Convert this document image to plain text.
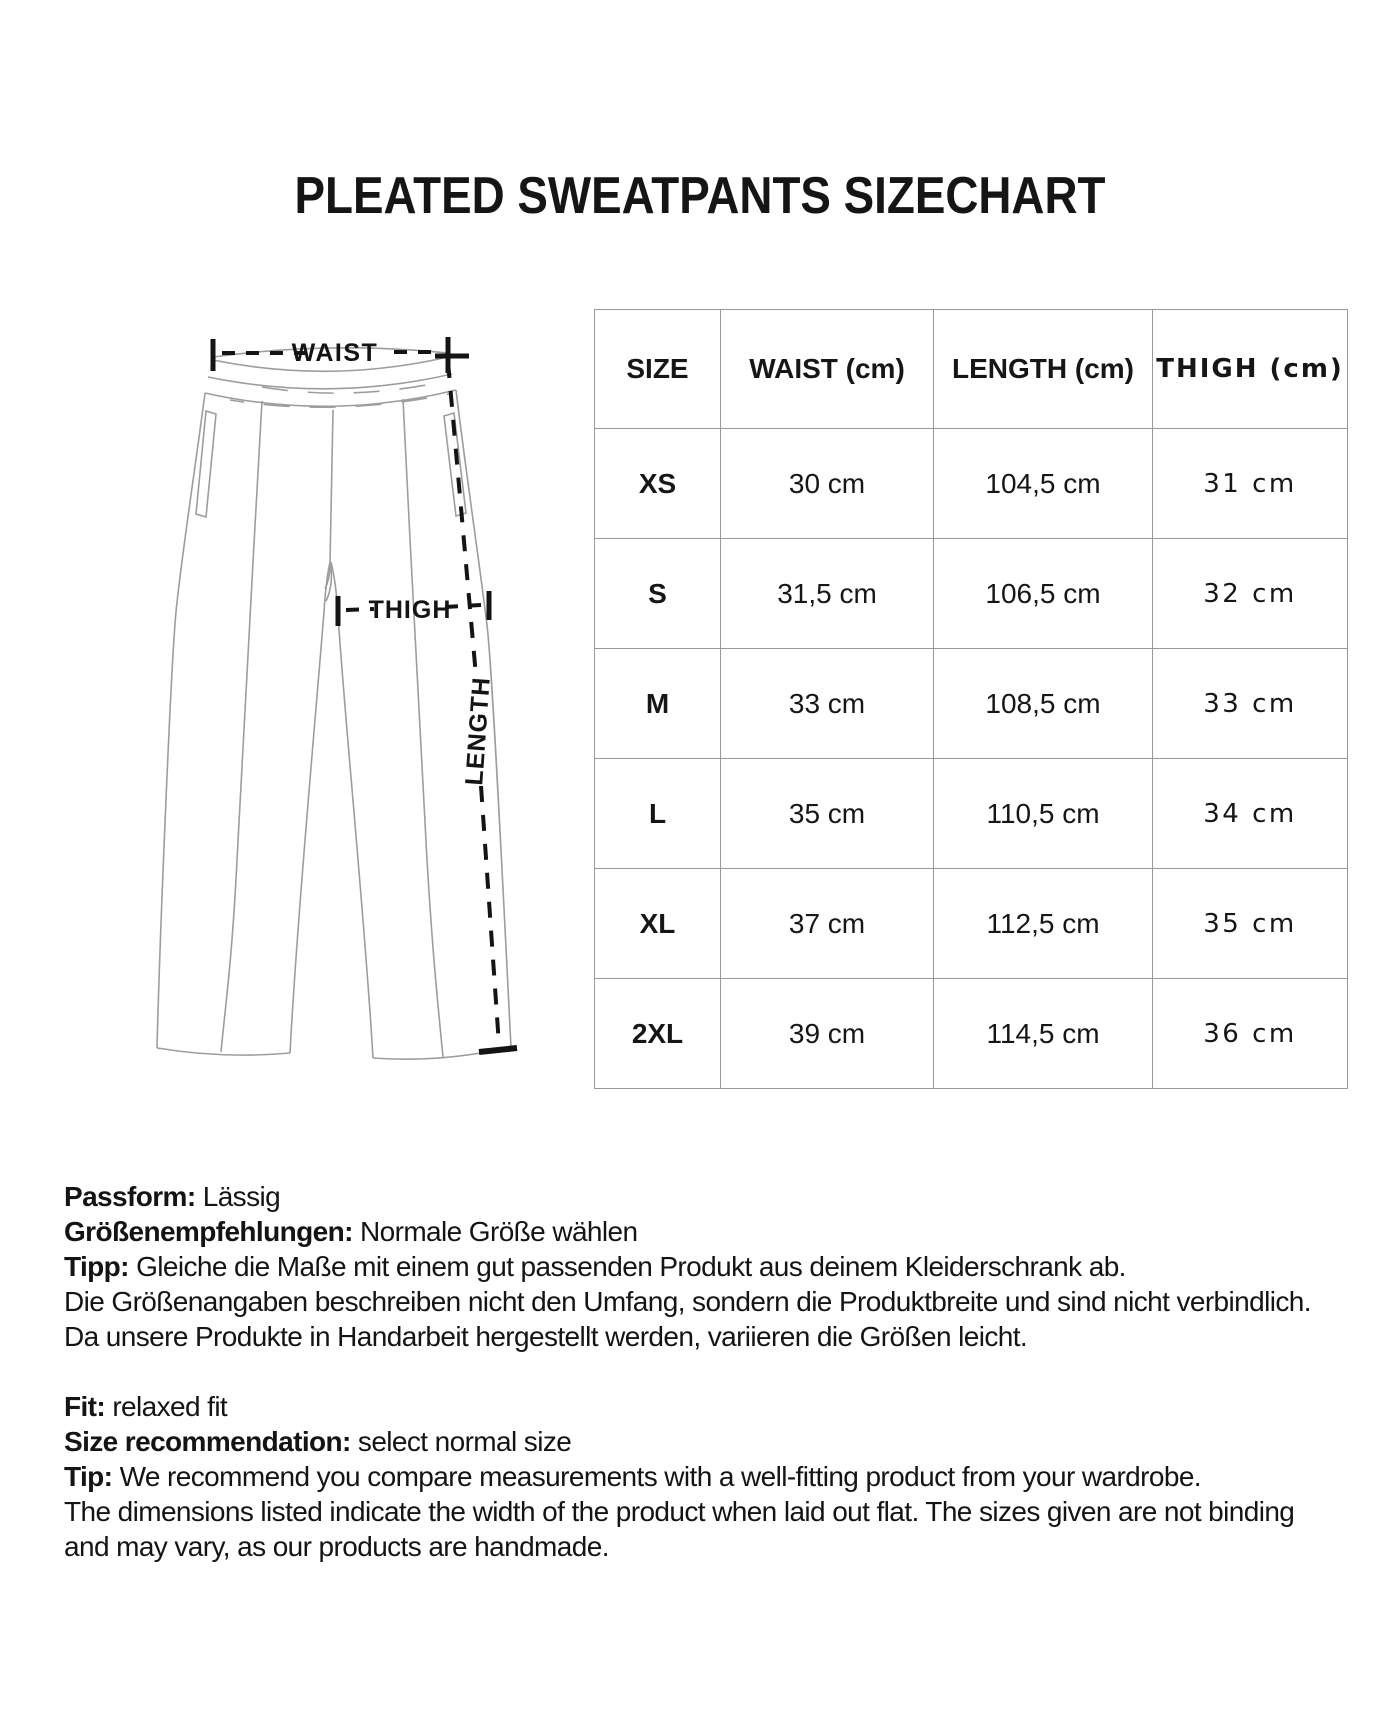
PLEATED SWEATPANTS SIZECHART
WAIST
THIGH
LENGTH
SIZE	WAIST (cm)	LENGTH (cm)	THIGH (cm)
XS	30 cm	104,5 cm	31 cm
S	31,5 cm	106,5 cm	32 cm
M	33 cm	108,5 cm	33 cm
L	35 cm	110,5 cm	34 cm
XL	37 cm	112,5 cm	35 cm
2XL	39 cm	114,5 cm	36 cm

Passform: Lässig

Größenempfehlungen: Normale Größe wählen

Tipp: Gleiche die Maße mit einem gut passenden Produkt aus deinem Kleiderschrank ab.

Die Größenangaben beschreiben nicht den Umfang, sondern die Produktbreite und sind nicht verbindlich.

Da unsere Produkte in Handarbeit hergestellt werden, variieren die Größen leicht.

Fit: relaxed fit

Size recommendation: select normal size

Tip: We recommend you compare measurements with a well-fitting product from your wardrobe.

The dimensions listed indicate the width of the product when laid out flat. The sizes given are not binding

and may vary, as our products are handmade.
